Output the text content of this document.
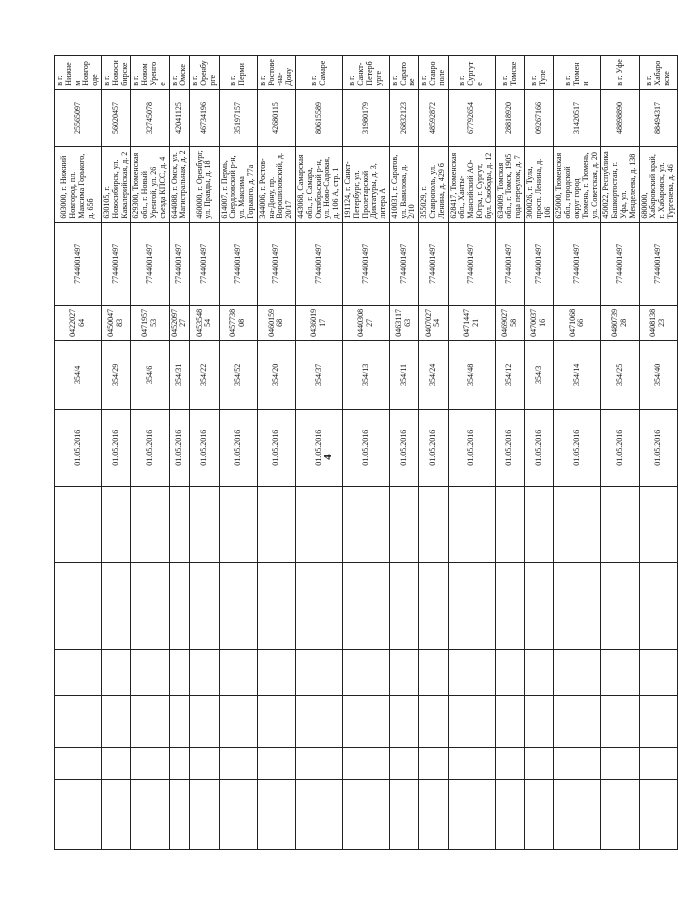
4
						01.05.2016	354/4	042202764	7744001497	603000, г. Нижний Новгород, пл. Максима Горького, д. 65б	25565097	в г. Нижнем Новгороде
						01.05.2016	354/29	045004783	7744001497	630105, г. Новосибирск, ул. Кавалерийская, д. 2	56020457	в г. Новосибирске
						01.05.2016	354/6	047195753	7744001497	629300, Тюменская обл., г. Новый Уренгой, ул. 26 съезда КПСС, д. 4	32745078	в г. Новом Уренгое
						01.05.2016	354/31	045209727	7744001497	644088, г. Омск, ул. Магистральная, д. 2	42041125	в г. Омске
						01.05.2016	354/22	045354854	7744001497	460000, г. Оренбург, ул. Правды, д. 18	46734196	в г. Оренбурге
						01.05.2016	354/52	045773808	7744001497	614007, г. Пермь, Свердловский р-н, ул. Максима Горького, д. 77а	35197157	в г. Перми
						01.05.2016	354/20	046015968	7744001497	344006, г. Ростов-на-Дону, пр. Ворошиловский, д. 20/17	42680115	в г. Ростове-на-Дону
						01.05.2016	354/37	043601917	7744001497	443068, Самарская обл., г. Самара, Октябрьский р-н, ул. Ново-Садовая, д. 106 А, стр. 1	80615589	в г. Самаре
						01.05.2016	354/13	044030827	7744001497	191124, г. Санкт-Петербург, ул. Пролетарской Диктатуры, д. 3, литера А	31980179	в г. Санкт-Петербурге
						01.05.2016	354/11	046311763	7744001497	410031, г. Саратов, ул. Вавилова, д. 2/10	26832123	в г. Саратове
						01.05.2016	354/24	040702754	7744001497	355029, г. Ставрополь, ул. Ленина, д. 429 б	48592872	в г. Ставрополе
						01.05.2016	354/48	047144721	7744001497	628417, Тюменская обл., Ханты-Мансийский АО-Югра, г. Сургут, бул. Свободы, д. 12	67792654	в г. Сургуте
						01.05.2016	354/12	046902758	7744001497	634009, Томская обл., г. Томск, 1905 года переулок, д. 7	28818920	в г. Томске
						01.05.2016	354/3	047003716	7744001497	300026, г. Тула, просп. Ленина, д. 106	09267166	в г. Туле
						01.05.2016	354/14	047106866	7744001497	625000, Тюменская обл., городской округ город Тюмень, г. Тюмень, ул. Советская, д. 20	31420517	в г. Тюмени
						01.05.2016	354/25	048073928	7744001497	450022, Республика Башкортостан, г. Уфа, ул. Менделеева, д. 138	48898890	в г. Уфе
						01.05.2016	354/40	040813823	7744001497	680000, Хабаровский край, г. Хабаровск, ул. Тургенева, д. 46	88494317	в г. Хабаровске
